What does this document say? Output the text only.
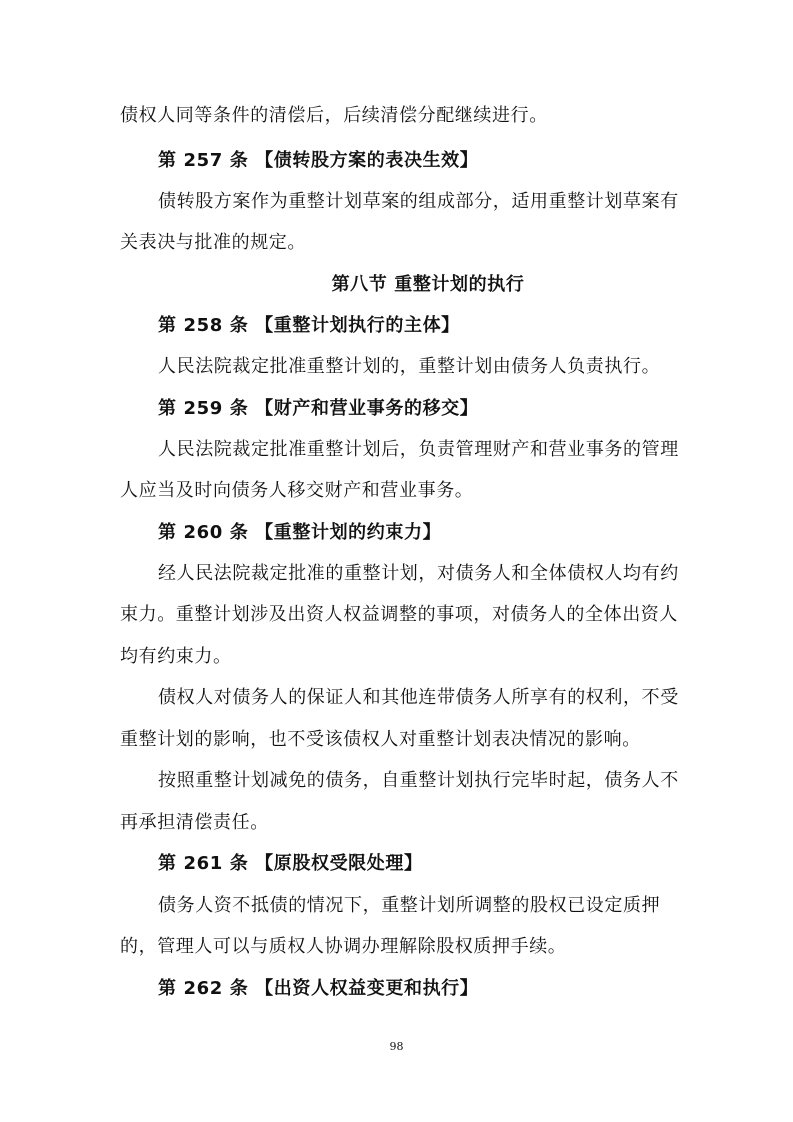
债权人同等条件的清偿后，后续清偿分配继续进行。
第 257 条 【债转股方案的表决生效】
债转股方案作为重整计划草案的组成部分，适用重整计划草案有
关表决与批准的规定。
第八节 重整计划的执行
第 258 条 【重整计划执行的主体】
人民法院裁定批准重整计划的，重整计划由债务人负责执行。
第 259 条 【财产和营业事务的移交】
人民法院裁定批准重整计划后，负责管理财产和营业事务的管理
人应当及时向债务人移交财产和营业事务。
第 260 条 【重整计划的约束力】
经人民法院裁定批准的重整计划，对债务人和全体债权人均有约
束力。重整计划涉及出资人权益调整的事项，对债务人的全体出资人
均有约束力。
债权人对债务人的保证人和其他连带债务人所享有的权利，不受
重整计划的影响，也不受该债权人对重整计划表决情况的影响。
按照重整计划减免的债务，自重整计划执行完毕时起，债务人不
再承担清偿责任。
第 261 条 【原股权受限处理】
债务人资不抵债的情况下，重整计划所调整的股权已设定质押
的，管理人可以与质权人协调办理解除股权质押手续。
第 262 条 【出资人权益变更和执行】
98
